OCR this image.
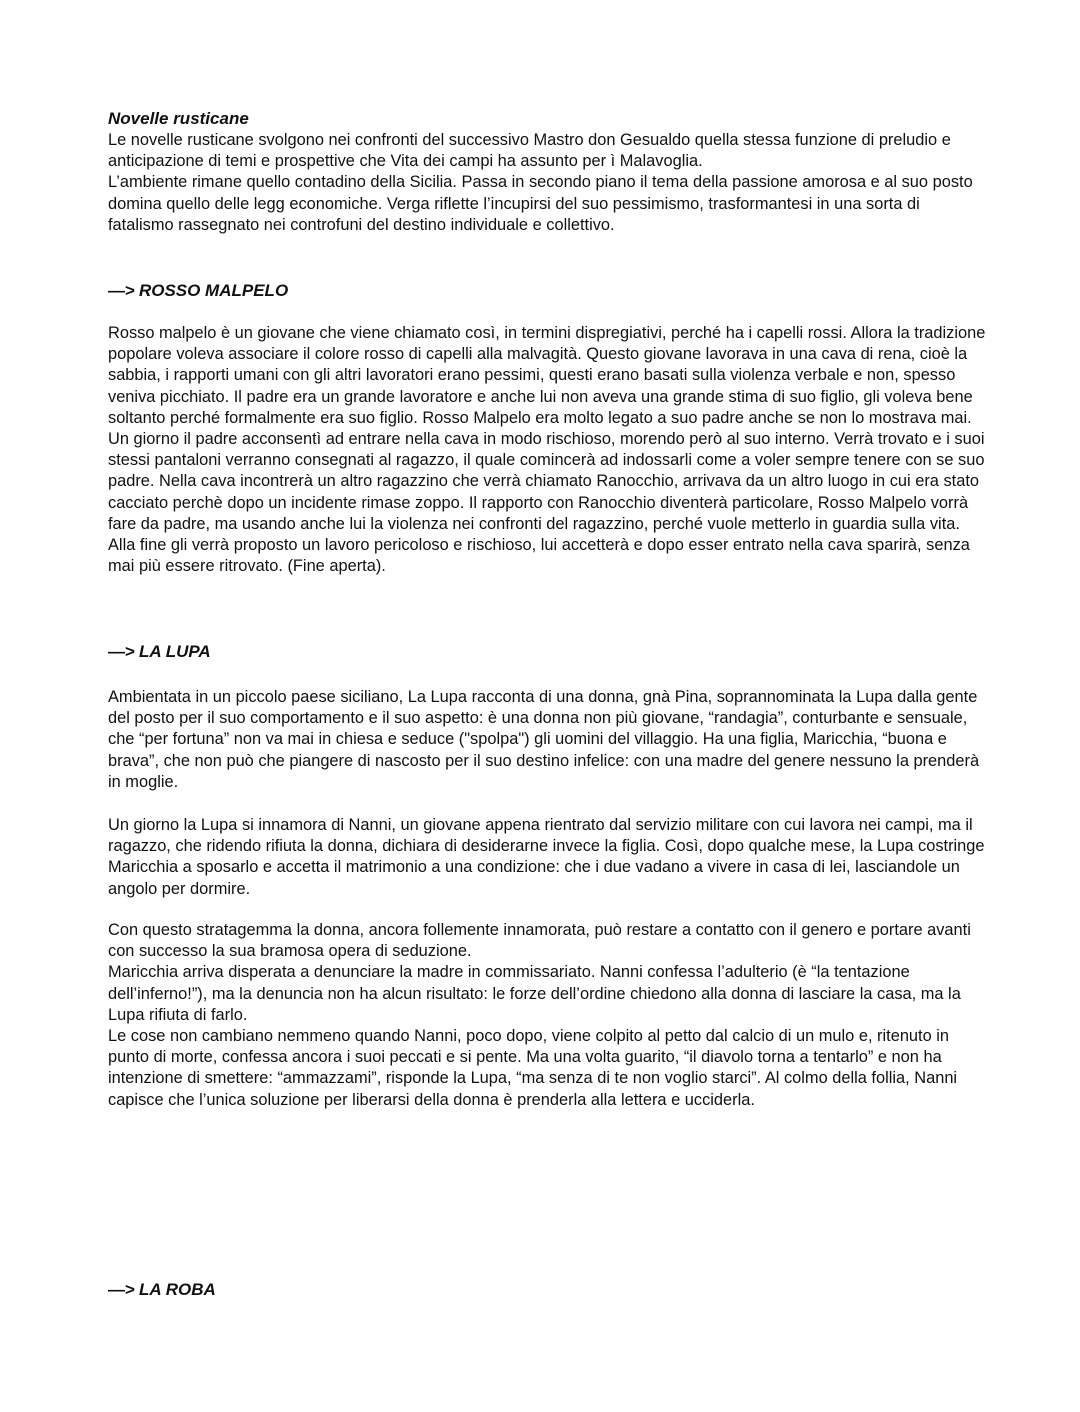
Novelle rusticane

Le novelle rusticane svolgono nei confronti del successivo Mastro don Gesualdo quella stessa funzione di preludio e anticipazione di temi e prospettive che Vita dei campi ha assunto per ì Malavoglia.

L’ambiente rimane quello contadino della Sicilia. Passa in secondo piano il tema della passione amorosa e al suo posto domina quello delle legg economiche. Verga riflette l’incupirsi del suo pessimismo, trasformantesi in una sorta di fatalismo rassegnato nei controfuni del destino individuale e collettivo.

—> ROSSO MALPELO

Rosso malpelo è un giovane che viene chiamato così, in termini dispregiativi, perché ha i capelli rossi. Allora la tradizione popolare voleva associare il colore rosso di capelli alla malvagità. Questo giovane lavorava in una cava di rena, cioè la sabbia, i rapporti umani con gli altri lavoratori erano pessimi, questi erano basati sulla violenza verbale e non, spesso veniva picchiato. Il padre era un grande lavoratore e anche lui non aveva una grande stima di suo figlio, gli voleva bene soltanto perché formalmente era suo figlio. Rosso Malpelo era molto legato a suo padre anche se non lo mostrava mai. Un giorno il padre acconsentì ad entrare nella cava in modo rischioso, morendo però al suo interno. Verrà trovato e i suoi stessi pantaloni verranno consegnati al ragazzo, il quale comincerà ad indossarli come a voler sempre tenere con se suo padre. Nella cava incontrerà un altro ragazzino che verrà chiamato Ranocchio, arrivava da un altro luogo in cui era stato cacciato perchè dopo un incidente rimase zoppo. Il rapporto con Ranocchio diventerà particolare, Rosso Malpelo vorrà fare da padre, ma usando anche lui la violenza nei confronti del ragazzino, perché vuole metterlo in guardia sulla vita. Alla fine gli verrà proposto un lavoro pericoloso e rischioso, lui accetterà e dopo esser entrato nella cava sparirà, senza mai più essere ritrovato. (Fine aperta).

—> LA LUPA

Ambientata in un piccolo paese siciliano, La Lupa racconta di una donna, gnà Pina, soprannominata la Lupa dalla gente del posto per il suo comportamento e il suo aspetto: è una donna non più giovane, “randagia”, conturbante e sensuale, che “per fortuna” non va mai in chiesa e seduce ("spolpa") gli uomini del villaggio. Ha una figlia, Maricchia, “buona e brava”, che non può che piangere di nascosto per il suo destino infelice: con una madre del genere nessuno la prenderà in moglie.

Un giorno la Lupa si innamora di Nanni, un giovane appena rientrato dal servizio militare con cui lavora nei campi, ma il ragazzo, che ridendo rifiuta la donna, dichiara di desiderarne invece la figlia. Così, dopo qualche mese, la Lupa costringe Maricchia a sposarlo e accetta il matrimonio a una condizione: che i due vadano a vivere in casa di lei, lasciandole un angolo per dormire.

Con questo stratagemma la donna, ancora follemente innamorata, può restare a contatto con il genero e portare avanti con successo la sua bramosa opera di seduzione.

Maricchia arriva disperata a denunciare la madre in commissariato. Nanni confessa l’adulterio (è “la tentazione dell’inferno!”), ma la denuncia non ha alcun risultato: le forze dell’ordine chiedono alla donna di lasciare la casa, ma la Lupa rifiuta di farlo.

Le cose non cambiano nemmeno quando Nanni, poco dopo, viene colpito al petto dal calcio di un mulo e, ritenuto in punto di morte, confessa ancora i suoi peccati e si pente. Ma una volta guarito, “il diavolo torna a tentarlo” e non ha intenzione di smettere: “ammazzami”, risponde la Lupa, “ma senza di te non voglio starci”. Al colmo della follia, Nanni capisce che l’unica soluzione per liberarsi della donna è prenderla alla lettera e ucciderla.

—> LA ROBA
